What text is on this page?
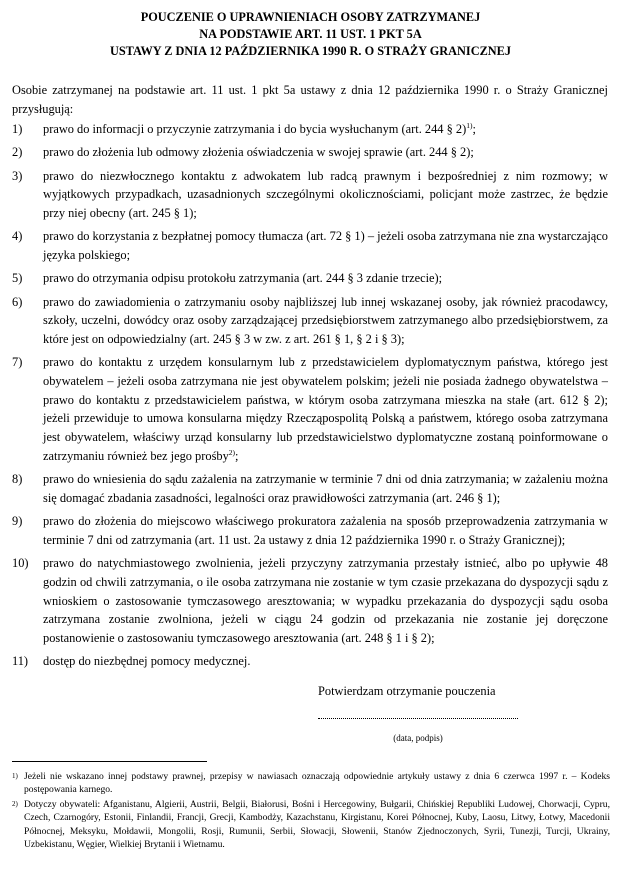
POUCZENIE O UPRAWNIENIACH OSOBY ZATRZYMANEJ
NA PODSTAWIE ART. 11 UST. 1 PKT 5A
USTAWY Z DNIA 12 PAŹDZIERNIKA 1990 R. O STRAŻY GRANICZNEJ
Osobie zatrzymanej na podstawie art. 11 ust. 1 pkt 5a ustawy z dnia 12 października 1990 r. o Straży Granicznej przysługują:
1) prawo do informacji o przyczynie zatrzymania i do bycia wysłuchanym (art. 244 § 2)$^{1)}$;
2) prawo do złożenia lub odmowy złożenia oświadczenia w swojej sprawie (art. 244 § 2);
3) prawo do niezwłocznego kontaktu z adwokatem lub radcą prawnym i bezpośredniej z nim rozmowy; w wyjątkowych przypadkach, uzasadnionych szczególnymi okolicznościami, policjant może zastrzec, że będzie przy niej obecny (art. 245 § 1);
4) prawo do korzystania z bezpłatnej pomocy tłumacza (art. 72 § 1) – jeżeli osoba zatrzymana nie zna wystarczająco języka polskiego;
5) prawo do otrzymania odpisu protokołu zatrzymania (art. 244 § 3 zdanie trzecie);
6) prawo do zawiadomienia o zatrzymaniu osoby najbliższej lub innej wskazanej osoby, jak również pracodawcy, szkoły, uczelni, dowódcy oraz osoby zarządzającej przedsiębiorstwem zatrzymanego albo przedsiębiorstwem, za które jest on odpowiedzialny (art. 245 § 3 w zw. z art. 261 § 1, § 2 i § 3);
7) prawo do kontaktu z urzędem konsularnym lub z przedstawicielem dyplomatycznym państwa, którego jest obywatelem – jeżeli osoba zatrzymana nie jest obywatelem polskim; jeżeli nie posiada żadnego obywatelstwa – prawo do kontaktu z przedstawicielem państwa, w którym osoba zatrzymana mieszka na stałe (art. 612 § 2); jeżeli przewiduje to umowa konsularna między Rzecząpospolitą Polską a państwem, którego osoba zatrzymana jest obywatelem, właściwy urząd konsularny lub przedstawicielstwo dyplomatyczne zostaną poinformowane o zatrzymaniu również bez jego prośby$^{2)}$;
8) prawo do wniesienia do sądu zażalenia na zatrzymanie w terminie 7 dni od dnia zatrzymania; w zażaleniu można się domagać zbadania zasadności, legalności oraz prawidłowości zatrzymania (art. 246 § 1);
9) prawo do złożenia do miejscowo właściwego prokuratora zażalenia na sposób przeprowadzenia zatrzymania w terminie 7 dni od zatrzymania (art. 11 ust. 2a ustawy z dnia 12 października 1990 r. o Straży Granicznej);
10) prawo do natychmiastowego zwolnienia, jeżeli przyczyny zatrzymania przestały istnieć, albo po upływie 48 godzin od chwili zatrzymania, o ile osoba zatrzymana nie zostanie w tym czasie przekazana do dyspozycji sądu z wnioskiem o zastosowanie tymczasowego aresztowania; w wypadku przekazania do dyspozycji sądu osoba zatrzymana zostanie zwolniona, jeżeli w ciągu 24 godzin od przekazania nie zostanie jej doręczone postanowienie o zastosowaniu tymczasowego aresztowania (art. 248 § 1 i § 2);
11) dostęp do niezbędnej pomocy medycznej.
Potwierdzam otrzymanie pouczenia
(data, podpis)
1) Jeżeli nie wskazano innej podstawy prawnej, przepisy w nawiasach oznaczają odpowiednie artykuły ustawy z dnia 6 czerwca 1997 r. – Kodeks postępowania karnego.
2) Dotyczy obywateli: Afganistanu, Algierii, Austrii, Belgii, Białorusi, Bośni i Hercegowiny, Bułgarii, Chińskiej Republiki Ludowej, Chorwacji, Cypru, Czech, Czarnogóry, Estonii, Finlandii, Francji, Grecji, Kambodży, Kazachstanu, Kirgistanu, Korei Północnej, Kuby, Laosu, Litwy, Łotwy, Macedonii Północnej, Meksyku, Mołdawii, Mongolii, Rosji, Rumunii, Serbii, Słowacji, Słowenii, Stanów Zjednoczonych, Syrii, Tunezji, Turcji, Ukrainy, Uzbekistanu, Węgier, Wielkiej Brytanii i Wietnamu.
